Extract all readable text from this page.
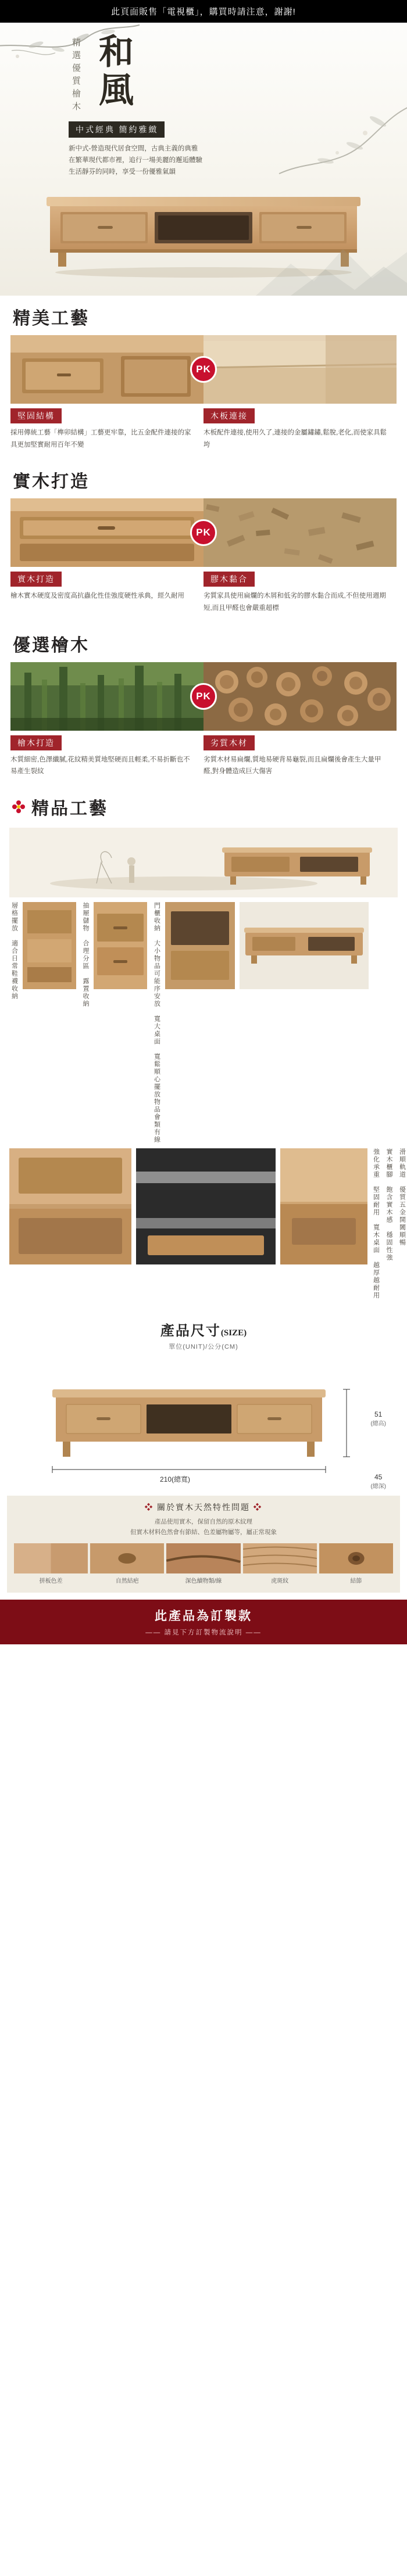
此頁面販售「電視櫃」，購買時請注意，謝謝!
精選優質檜木 和風
中式經典 簡約雅緻
新中式-營造現代居食空間，古典主義的典雅在繁華現代都市裡，追行一場美麗的邂逅體驗生活靜芬的同時，享受一份優雅氣韻
精美工藝
PK
堅固結構
採用傳統工藝「榫卯結構」工藝更牢靠，比五金配件連接的家具更加堅實耐用百年不變
木板連接
木板配件連接,使用久了,連接的金屬鏽鏽,鬆脫,老化,而使家具鬆垮
實木打造
PK
實木打造
檜木實木硬度及密度高抗蟲化性佳強度硬性承典，經久耐用
膠木黏合
劣質家具使用扁爛的木屑和低劣的膠水黏合而成,不但使用週期短,而且甲醛也會嚴重超標
優選檜木
PK
檜木打造
木質細密,色澤纖膩,花紋精美質地堅硬而且輕柔,不易折斷也不易產生裂紋
劣質木材
劣質木材易扁爛,質地易硬背易龜裂,而且扁爛後會產生大量甲醛,對身體造成巨大傷害
精品工藝
層格擺放　適合日常鞋襪收納	抽屜儲物　合理分區　露置收納	門櫃收納　大小物品可能序安放　寬大桌面　寬鬆順心擺放物品會類有線
強化承重　堅固耐用　寬木桌面　越厚越耐用 實木櫃腳　飽含實木感　穩固性強 滑順軌道　優質五金開闔順暢
產品尺寸(SIZE)
單位(UNIT)/公分(CM)
51
(總高)
210(總寬)	45
(總深)
❖ 關於實木天然特性問題 ❖
產品使用實木，保留自然的原木紋理
但實木材料色然會有節結、色差屬物屬等，屬正常現象
拼板色差	自然結疤	深色續物類/線	虎斑紋	結節
此產品為訂製款
—— 請見下方訂製物流說明 ——
